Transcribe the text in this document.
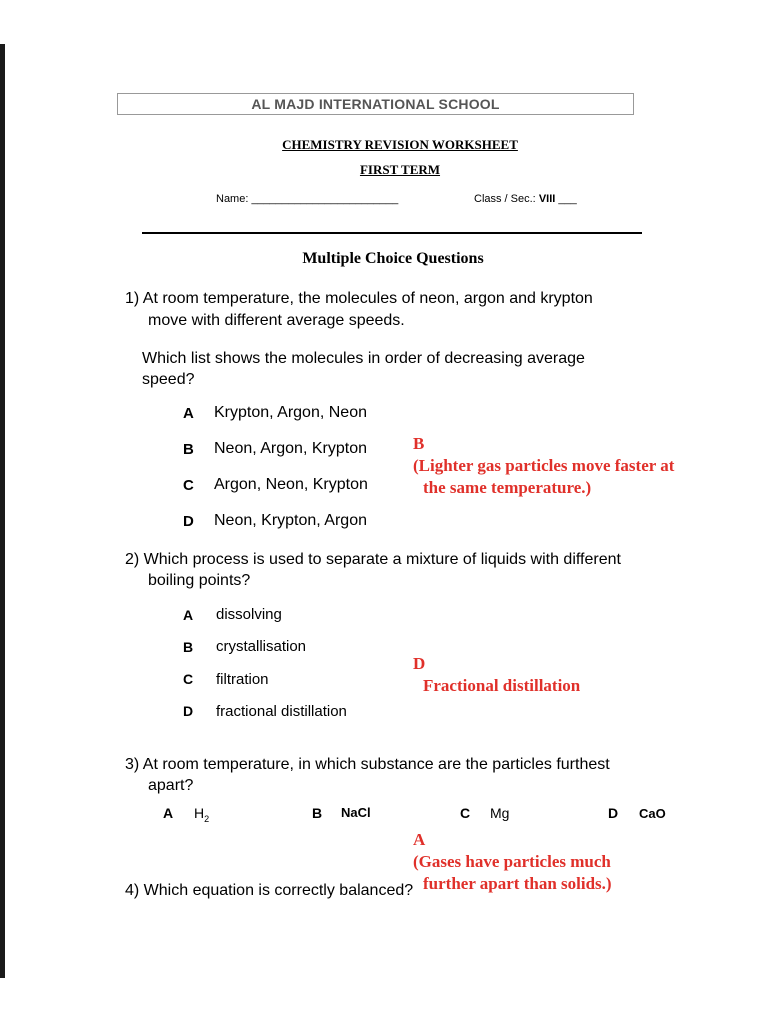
AL MAJD INTERNATIONAL SCHOOL
CHEMISTRY REVISION WORKSHEET
FIRST TERM
Name: ________________________	Class / Sec.: VIII ___
Multiple Choice Questions
1) At room temperature, the molecules of neon, argon and krypton
move with different average speeds.
Which list shows the molecules in order of decreasing average
speed?
A Krypton, Argon, Neon
B Neon, Argon, Krypton
C Argon, Neon, Krypton
D Neon, Krypton, Argon
B
(Lighter gas particles move faster at
the same temperature.)
2) Which process is used to separate a mixture of liquids with different
boiling points?
A dissolving
B crystallisation
C filtration
D fractional distillation
D
Fractional distillation
3) At room temperature, in which substance are the particles furthest
apart?
A $H_2$	B NaCl	C Mg	D CaO
A
(Gases have particles much
4) Which equation is correctly balanced? further apart than solids.)
